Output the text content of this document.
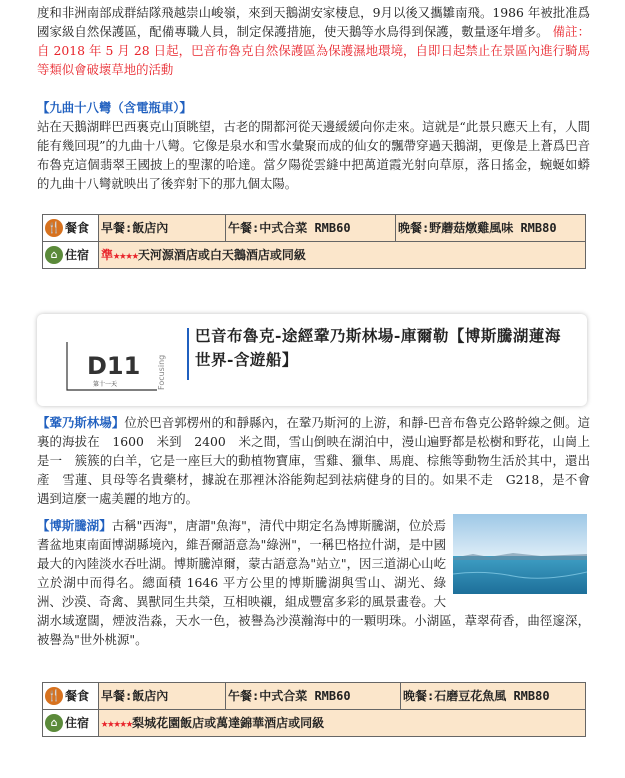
度和非洲南部成群結隊飛越崇山峻嶺，來到天鵝湖安家棲息，9月以後又攜雛南飛。1986 年被批准爲國家級自然保護區，配備專職人員，制定保護措施，使天鵝等水鳥得到保護，數量逐年增多。 備註：自 2018 年 5 月 28 日起，巴音布魯克自然保護區為保護濕地環境，自即日起禁止在景區內進行騎馬等類似會破壞草地的活動
【九曲十八彎（含電瓶車）】
站在天鵝湖畔巴西裏克山頂眺望，古老的開都河從天邊緩緩向你走來。這就是“此景只應天上有，人間能有幾回現”的九曲十八彎。它像是泉水和雪水彙聚而成的仙女的飄帶穿過天鵝湖，更像是上蒼爲巴音布魯克這個翡翠王國披上的聖潔的哈達。當夕陽從雲縫中把萬道霞光射向草原，落日搖金，蜿蜒如蟒的九曲十八彎就映出了後弈射下的那九個太陽。
🍴 餐食	早餐:飯店內	午餐:中式合菜 RMB60	晚餐:野蘑菇燉雞風味 RMB80
⌂ 住宿	準★★★★天河源酒店或白天鵝酒店或同級		
D11
第十一天	Focusing
巴音布魯克-途經鞏乃斯林場-庫爾勒【博斯騰湖蓮海世界-含遊船】
【鞏乃斯林場】位於巴音郭楞州的和靜縣內，在鞏乃斯河的上游，和靜-巴音布魯克公路幹線之側。這　裏的海拔在　1600　米到　2400　米之間，雪山倒映在湖泊中，漫山遍野都是松樹和野花，山崗上是一　簇簇的白羊，它是一座巨大的動植物寶庫，雪雞、獵隼、馬鹿、棕熊等動物生活於其中，還出產　雪蓮、貝母等名貴藥材，據說在那裡沐浴能夠起到祛病健身的目的。如果不走　G218，是不會遇到這麼一處美麗的地方的。
【博斯騰湖】古稱"西海"，唐謂"魚海"，清代中期定名為博斯騰湖，位於焉耆盆地東南面博湖縣境內，維吾爾語意為"綠洲"，一稱巴格拉什湖，是中國最大的內陸淡水吞吐湖。博斯騰淖爾，蒙古語意為"站立"，因三道湖心山屹立於湖中而得名。總面積 1646 平方公里的博斯騰湖與雪山、湖光、綠洲、沙漠、奇禽、異獸同生共榮，互相映襯，組成豐富多彩的風景畫卷。大湖水域遼闊，煙波浩淼，天水一色，被譽為沙漠瀚海中的一顆明珠。小湖區，葦翠荷香，曲徑邃深，被譽為"世外桃源"。
🍴 餐食	早餐:飯店內	午餐:中式合菜 RMB60	晚餐:石磨豆花魚風 RMB80
⌂ 住宿	★★★★★梨城花園飯店或萬達錦華酒店或同級		
